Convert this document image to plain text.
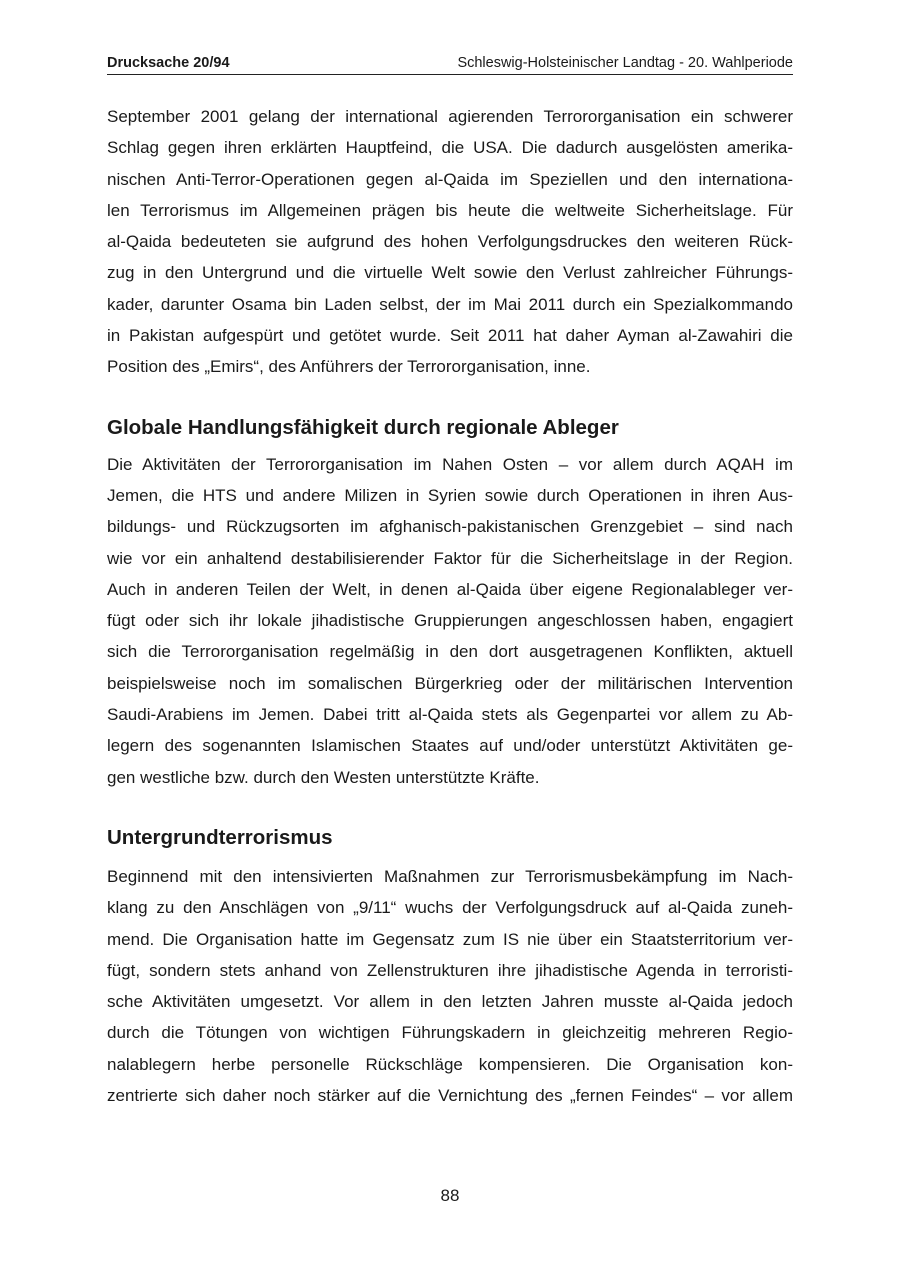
Drucksache 20/94	Schleswig-Holsteinischer Landtag - 20. Wahlperiode

September 2001 gelang der international agierenden Terrororganisation ein schwerer
Schlag gegen ihren erklärten Hauptfeind, die USA. Die dadurch ausgelösten amerika-
nischen Anti-Terror-Operationen gegen al-Qaida im Speziellen und den internationa-
len Terrorismus im Allgemeinen prägen bis heute die weltweite Sicherheitslage. Für
al-Qaida bedeuteten sie aufgrund des hohen Verfolgungsdruckes den weiteren Rück-
zug in den Untergrund und die virtuelle Welt sowie den Verlust zahlreicher Führungs-
kader, darunter Osama bin Laden selbst, der im Mai 2011 durch ein Spezialkommando
in Pakistan aufgespürt und getötet wurde. Seit 2011 hat daher Ayman al-Zawahiri die
Position des „Emirs“, des Anführers der Terrororganisation, inne.

Globale Handlungsfähigkeit durch regionale Ableger

Die Aktivitäten der Terrororganisation im Nahen Osten – vor allem durch AQAH im
Jemen, die HTS und andere Milizen in Syrien sowie durch Operationen in ihren Aus-
bildungs- und Rückzugsorten im afghanisch-pakistanischen Grenzgebiet – sind nach
wie vor ein anhaltend destabilisierender Faktor für die Sicherheitslage in der Region.
Auch in anderen Teilen der Welt, in denen al-Qaida über eigene Regionalableger ver-
fügt oder sich ihr lokale jihadistische Gruppierungen angeschlossen haben, engagiert
sich die Terrororganisation regelmäßig in den dort ausgetragenen Konflikten, aktuell
beispielsweise noch im somalischen Bürgerkrieg oder der militärischen Intervention
Saudi-Arabiens im Jemen. Dabei tritt al-Qaida stets als Gegenpartei vor allem zu Ab-
legern des sogenannten Islamischen Staates auf und/oder unterstützt Aktivitäten ge-
gen westliche bzw. durch den Westen unterstützte Kräfte.

Untergrundterrorismus

Beginnend mit den intensivierten Maßnahmen zur Terrorismusbekämpfung im Nach-
klang zu den Anschlägen von „9/11“ wuchs der Verfolgungsdruck auf al-Qaida zuneh-
mend. Die Organisation hatte im Gegensatz zum IS nie über ein Staatsterritorium ver-
fügt, sondern stets anhand von Zellenstrukturen ihre jihadistische Agenda in terroristi-
sche Aktivitäten umgesetzt. Vor allem in den letzten Jahren musste al-Qaida jedoch
durch die Tötungen von wichtigen Führungskadern in gleichzeitig mehreren Regio-
nalablegern herbe personelle Rückschläge kompensieren. Die Organisation kon-
zentrierte sich daher noch stärker auf die Vernichtung des „fernen Feindes“ – vor allem

88
